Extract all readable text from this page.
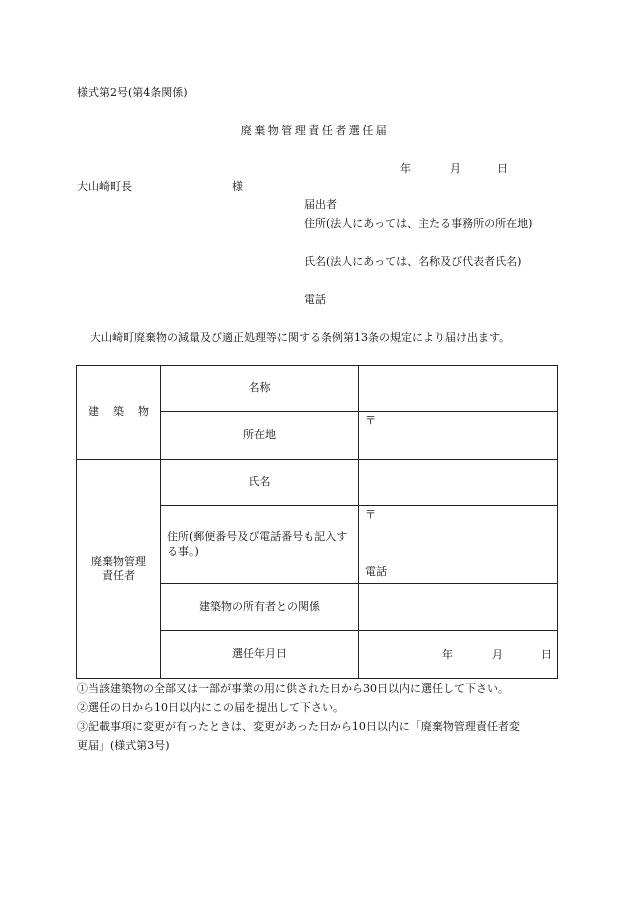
様式第2号(第4条関係)
廃棄物管理責任者選任届
年	月	日
大山崎町長	様
届出者
住所(法人にあっては、主たる事務所の所在地)
氏名(法人にあっては、名称及び代表者氏名)
電話
大山崎町廃棄物の減量及び適正処理等に関する条例第13条の規定により届け出ます。
建築物	名称	
	所在地	〒
廃棄物管理
責任者	氏名	
	住所(郵便番号及び電話番号も記入する事。)	〒
電話

	建築物の所有者との関係	
	選任年月日	年 月 日
①当該建築物の全部又は一部が事業の用に供された日から30日以内に選任して下さい。
②選任の日から10日以内にこの届を提出して下さい。
③記載事項に変更が有ったときは、変更があった日から10日以内に「廃棄物管理責任者変
更届」(様式第3号)
